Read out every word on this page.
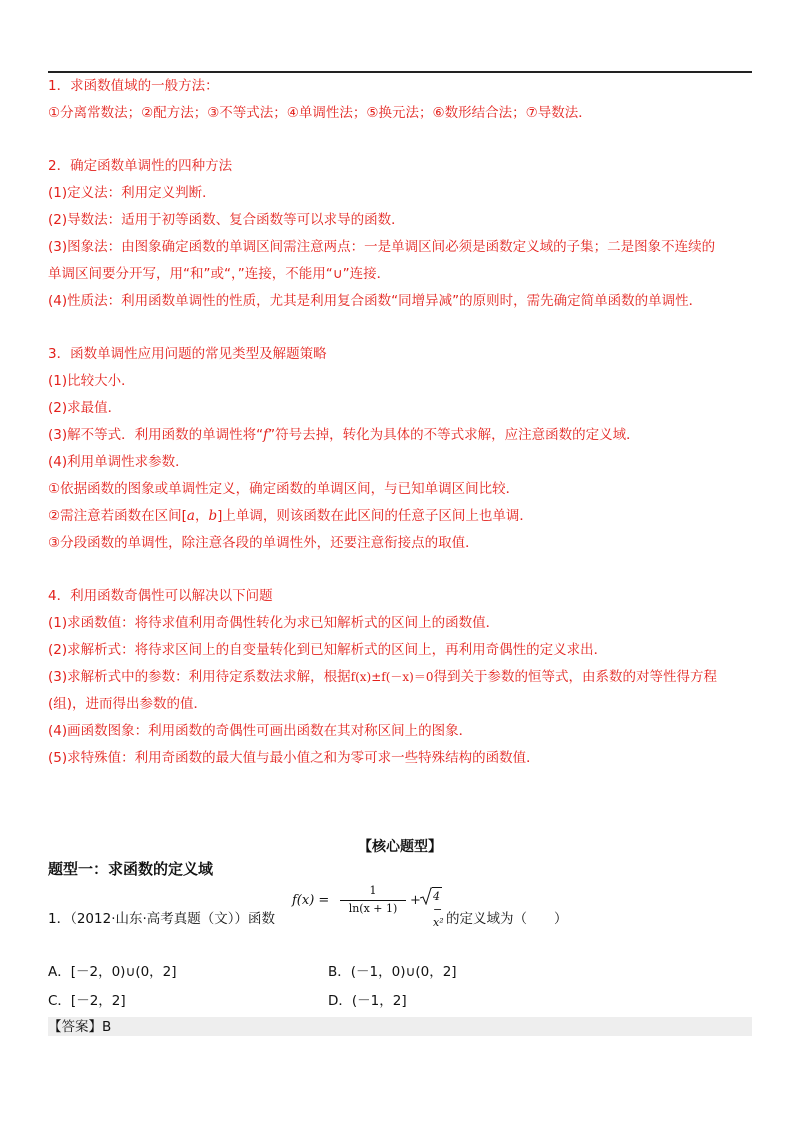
1．求函数值域的一般方法：
①分离常数法；②配方法；③不等式法；④单调性法；⑤换元法；⑥数形结合法；⑦导数法．
2．确定函数单调性的四种方法
(1)定义法：利用定义判断．
(2)导数法：适用于初等函数、复合函数等可以求导的函数．
(3)图象法：由图象确定函数的单调区间需注意两点：一是单调区间必须是函数定义域的子集；二是图象不连续的
单调区间要分开写，用“和”或“，”连接，不能用“∪”连接．
(4)性质法：利用函数单调性的性质，尤其是利用复合函数“同增异减”的原则时，需先确定简单函数的单调性．
3．函数单调性应用问题的常见类型及解题策略
(1)比较大小．
(2)求最值．
(3)解不等式．利用函数的单调性将“f”符号去掉，转化为具体的不等式求解，应注意函数的定义域．
(4)利用单调性求参数．
①依据函数的图象或单调性定义，确定函数的单调区间，与已知单调区间比较．
②需注意若函数在区间[a，b]上单调，则该函数在此区间的任意子区间上也单调．
③分段函数的单调性，除注意各段的单调性外，还要注意衔接点的取值．
4．利用函数奇偶性可以解决以下问题
(1)求函数值：将待求值利用奇偶性转化为求已知解析式的区间上的函数值．
(2)求解析式：将待求区间上的自变量转化到已知解析式的区间上，再利用奇偶性的定义求出．
(3)求解析式中的参数：利用待定系数法求解，根据f(x)±f(－x)＝0得到关于参数的恒等式，由系数的对等性得方程
(组)，进而得出参数的值．
(4)画函数图象：利用函数的奇偶性可画出函数在其对称区间上的图象．
(5)求特殊值：利用奇函数的最大值与最小值之和为零可求一些特殊结构的函数值．
【核心题型】
题型一：求函数的定义域
1．（2012·山东·高考真题（文））函数
f(x) =
1
ln(x + 1)
+ 4 − x² 的定义域为（　　）
A．[－2，0)∪(0，2]	B．(－1，0)∪(0，2]
C．[－2，2]	D．(－1，2]
【答案】B
